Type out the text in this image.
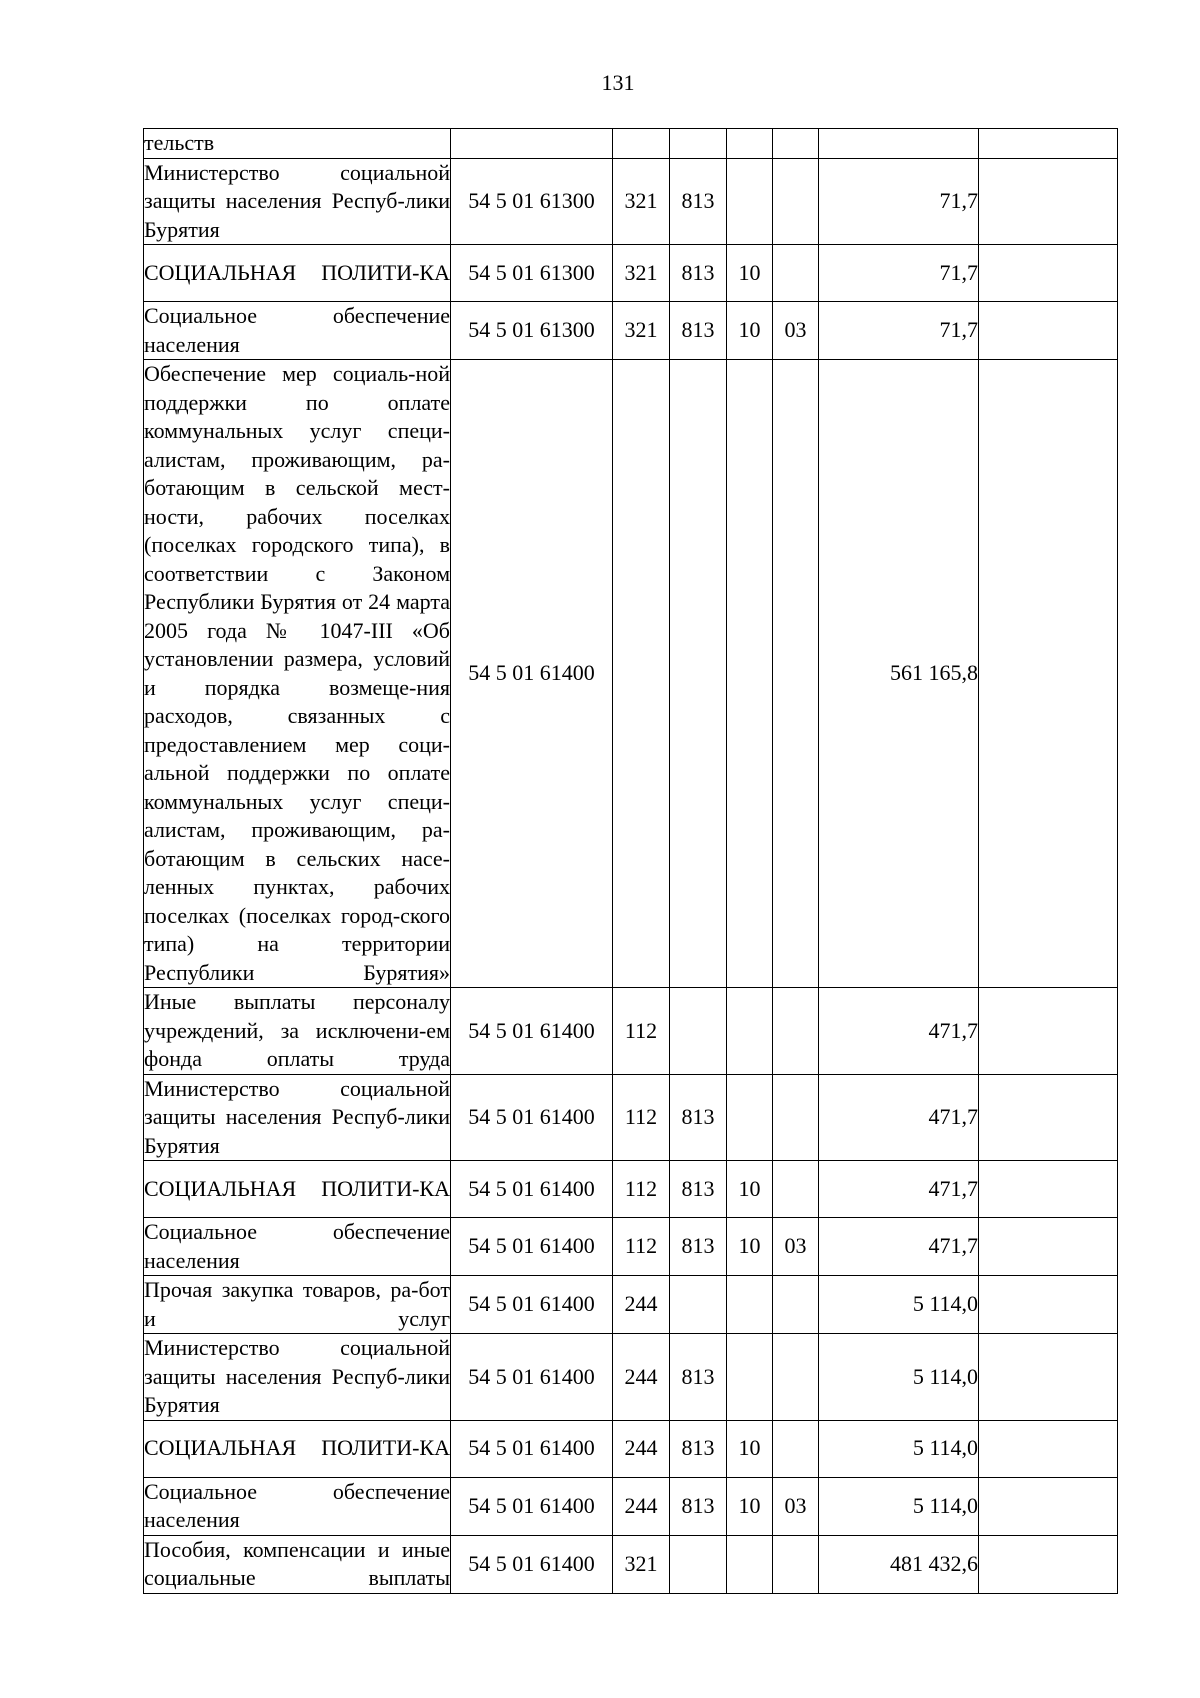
131
тельств							
Министерство социальной защиты населения Респуб-лики Бурятия	54 5 01 61300	321	813			71,7	
СОЦИАЛЬНАЯ ПОЛИТИ-КА	54 5 01 61300	321	813	10		71,7	
Социальное обеспечение населения	54 5 01 61300	321	813	10	03	71,7	
Обеспечение мер социаль-ной поддержки по оплате коммунальных услуг специ-алистам, проживающим, ра-ботающим в сельской мест-ности, рабочих поселках (поселках городского типа), в соответствии с Законом Республики Бурятия от 24 марта 2005 года № 1047-III «Об установлении размера, условий и порядка возмеще-ния расходов, связанных с предоставлением мер соци-альной поддержки по оплате коммунальных услуг специ-алистам, проживающим, ра-ботающим в сельских насе-ленных пунктах, рабочих поселках (поселках город-ского типа) на территории Республики Бурятия»	54 5 01 61400					561 165,8	
Иные выплаты персоналу учреждений, за исключени-ем фонда оплаты труда	54 5 01 61400	112				471,7	
Министерство социальной защиты населения Респуб-лики Бурятия	54 5 01 61400	112	813			471,7	
СОЦИАЛЬНАЯ ПОЛИТИ-КА	54 5 01 61400	112	813	10		471,7	
Социальное обеспечение населения	54 5 01 61400	112	813	10	03	471,7	
Прочая закупка товаров, ра-бот и услуг	54 5 01 61400	244				5 114,0	
Министерство социальной защиты населения Респуб-лики Бурятия	54 5 01 61400	244	813			5 114,0	
СОЦИАЛЬНАЯ ПОЛИТИ-КА	54 5 01 61400	244	813	10		5 114,0	
Социальное обеспечение населения	54 5 01 61400	244	813	10	03	5 114,0	
Пособия, компенсации и иные социальные выплаты	54 5 01 61400	321				481 432,6	
